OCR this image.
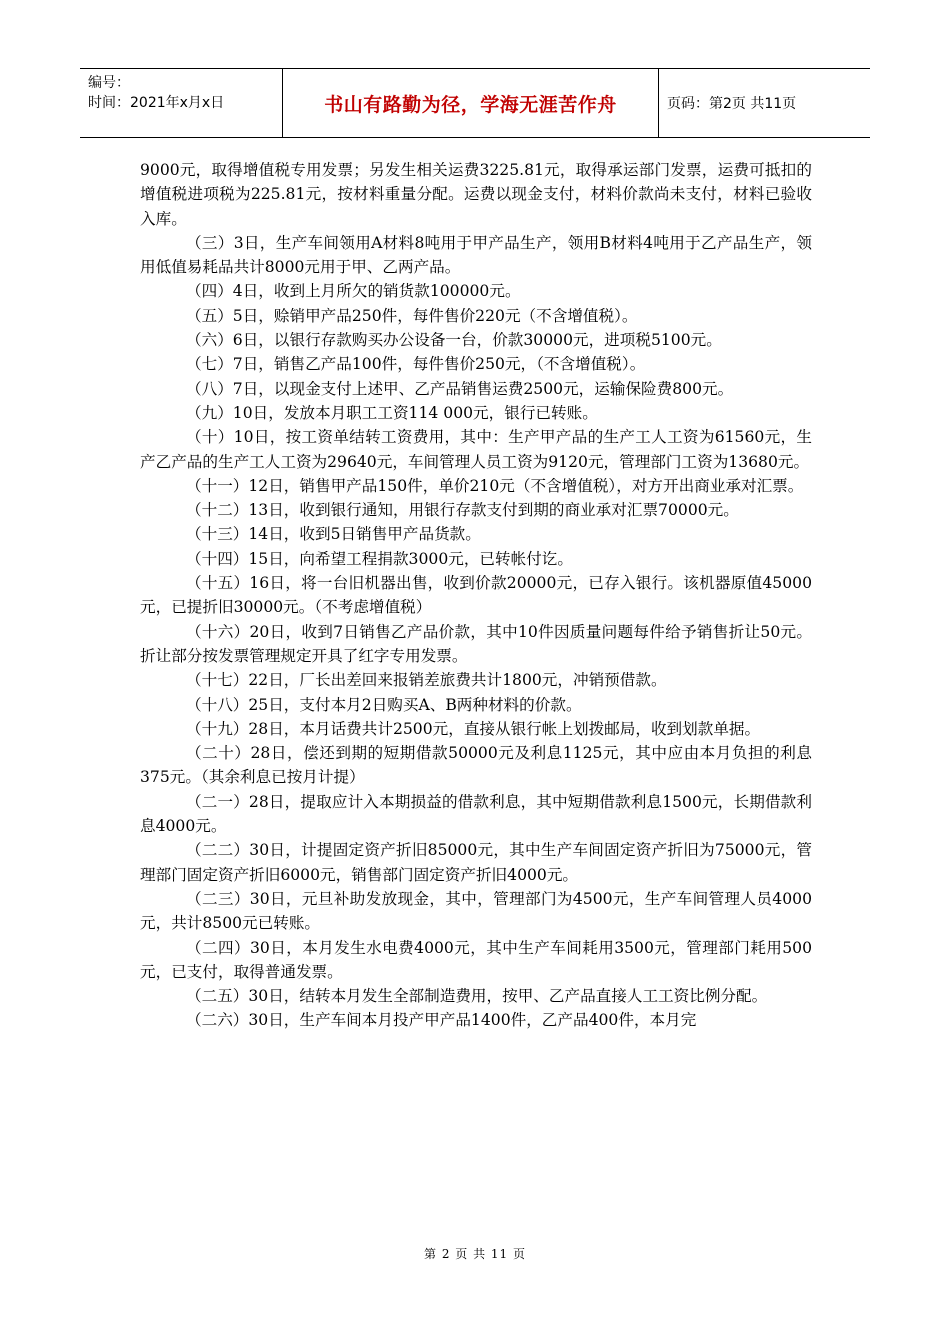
编号：
时间：2021年x月x日	书山有路勤为径，学海无涯苦作舟	页码：第2页 共11页

9000元，取得增值税专用发票；另发生相关运费3225.81元，取得承运部门发票，运费可抵扣的增值税进项税为225.81元，按材料重量分配。运费以现金支付，材料价款尚未支付，材料已验收入库。

（三）3日，生产车间领用A材料8吨用于甲产品生产，领用B材料4吨用于乙产品生产，领用低值易耗品共计8000元用于甲、乙两产品。

（四）4日，收到上月所欠的销货款100000元。

（五）5日，赊销甲产品250件，每件售价220元（不含增值税）。

（六）6日，以银行存款购买办公设备一台，价款30000元，进项税5100元。

（七）7日，销售乙产品100件，每件售价250元，（不含增值税）。

（八）7日，以现金支付上述甲、乙产品销售运费2500元，运输保险费800元。

（九）10日，发放本月职工工资114 000元，银行已转账。

（十）10日，按工资单结转工资费用，其中：生产甲产品的生产工人工资为61560元，生产乙产品的生产工人工资为29640元，车间管理人员工资为9120元，管理部门工资为13680元。

（十一）12日，销售甲产品150件，单价210元（不含增值税），对方开出商业承对汇票。

（十二）13日，收到银行通知，用银行存款支付到期的商业承对汇票70000元。

（十三）14日，收到5日销售甲产品货款。

（十四）15日，向希望工程捐款3000元，已转帐付讫。

（十五）16日，将一台旧机器出售，收到价款20000元，已存入银行。该机器原值45000元，已提折旧30000元。（不考虑增值税）

（十六）20日，收到7日销售乙产品价款，其中10件因质量问题每件给予销售折让50元。折让部分按发票管理规定开具了红字专用发票。

（十七）22日，厂长出差回来报销差旅费共计1800元，冲销预借款。

（十八）25日，支付本月2日购买A、B两种材料的价款。

（十九）28日，本月话费共计2500元，直接从银行帐上划拨邮局，收到划款单据。

（二十）28日，偿还到期的短期借款50000元及利息1125元，其中应由本月负担的利息375元。（其余利息已按月计提）

（二一）28日，提取应计入本期损益的借款利息，其中短期借款利息1500元，长期借款利息4000元。

（二二）30日，计提固定资产折旧85000元，其中生产车间固定资产折旧为75000元，管理部门固定资产折旧6000元，销售部门固定资产折旧4000元。

（二三）30日，元旦补助发放现金，其中，管理部门为4500元，生产车间管理人员4000元，共计8500元已转账。

（二四）30日，本月发生水电费4000元，其中生产车间耗用3500元，管理部门耗用500元，已支付，取得普通发票。

（二五）30日，结转本月发生全部制造费用，按甲、乙产品直接人工工资比例分配。

（二六）30日，生产车间本月投产甲产品1400件，乙产品400件，本月完

第 2 页 共 11 页
